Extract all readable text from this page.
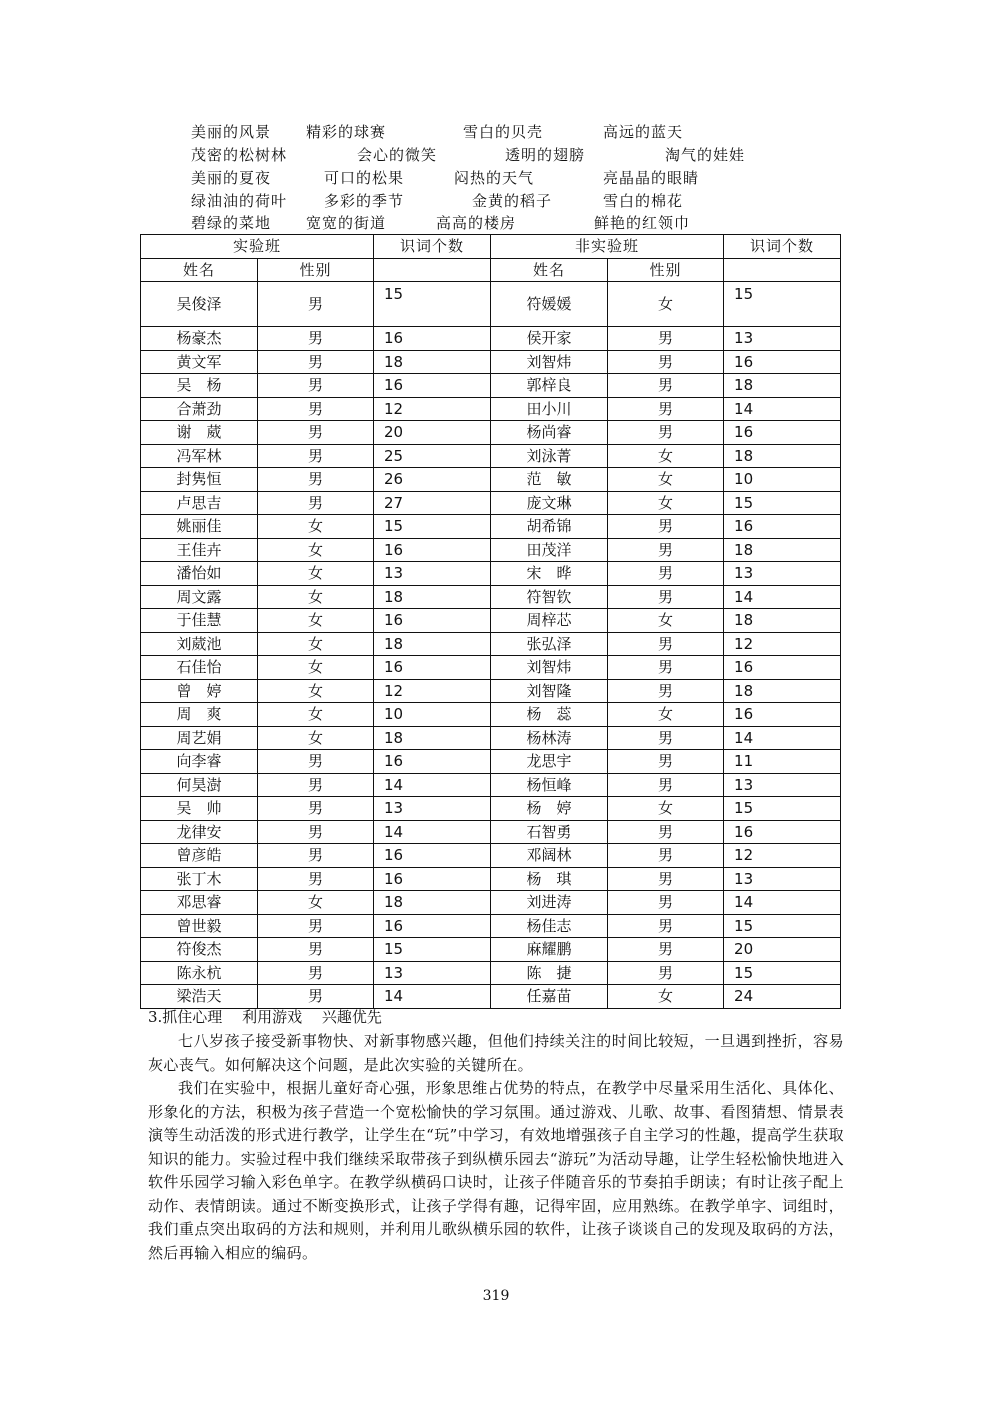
美丽的风景 精彩的球赛	雪白的贝壳	高远的蓝天
茂密的松树林	会心的微笑	透明的翅膀	淘气的娃娃
美丽的夏夜	可口的松果	闷热的天气	亮晶晶的眼睛
绿油油的荷叶 多彩的季节	金黄的稻子	雪白的棉花
碧绿的菜地 宽宽的街道	高高的楼房	鲜艳的红领巾
实验班		识词个数	非实验班		识词个数
姓名	性别		姓名	性别	
吴俊泽	男	15	符媛媛	女	15
杨豪杰	男	16	侯开家	男	13
黄文军	男	18	刘智炜	男	16
吴　杨	男	16	郭梓良	男	18
合萧劲	男	12	田小川	男	14
谢　葳	男	20	杨尚睿	男	16
冯军林	男	25	刘泳菁	女	18
封隽恒	男	26	范　敏	女	10
卢思吉	男	27	庞文琳	女	15
姚丽佳	女	15	胡希锦	男	16
王佳卉	女	16	田茂洋	男	18
潘怡如	女	13	宋　晔	男	13
周文露	女	18	符智钦	男	14
于佳慧	女	16	周梓芯	女	18
刘葳池	女	18	张弘泽	男	12
石佳怡	女	16	刘智炜	男	16
曾　婷	女	12	刘智隆	男	18
周　爽	女	10	杨　蕊	女	16
周艺娟	女	18	杨林涛	男	14
向李睿	男	16	龙思宇	男	11
何昊澍	男	14	杨恒峰	男	13
吴　帅	男	13	杨　婷	女	15
龙律安	男	14	石智勇	男	16
曾彦皓	男	16	邓阔林	男	12
张丁木	男	16	杨　琪	男	13
邓思睿	女	18	刘进涛	男	14
曾世毅	男	16	杨佳志	男	15
符俊杰	男	15	麻耀鹏	男	20
陈永杭	男	13	陈　捷	男	15
梁浩天	男	14	任嘉苗	女	24
3.抓住心理　 利用游戏　 兴趣优先

七八岁孩子接受新事物快、对新事物感兴趣，但他们持续关注的时间比较短，一旦遇到挫折，容易灰心丧气。如何解决这个问题，是此次实验的关键所在。

我们在实验中，根据儿童好奇心强，形象思维占优势的特点，在教学中尽量采用生活化、具体化、形象化的方法，积极为孩子营造一个宽松愉快的学习氛围。通过游戏、儿歌、故事、看图猜想、情景表演等生动活泼的形式进行教学，让学生在“玩”中学习，有效地增强孩子自主学习的性趣，提高学生获取知识的能力。实验过程中我们继续采取带孩子到纵横乐园去“游玩”为活动导趣，让学生轻松愉快地进入软件乐园学习输入彩色单字。在教学纵横码口诀时，让孩子伴随音乐的节奏拍手朗读；有时让孩子配上动作、表情朗读。通过不断变换形式，让孩子学得有趣，记得牢固，应用熟练。在教学单字、词组时，我们重点突出取码的方法和规则，并利用儿歌纵横乐园的软件，让孩子谈谈自己的发现及取码的方法，然后再输入相应的编码。

319
